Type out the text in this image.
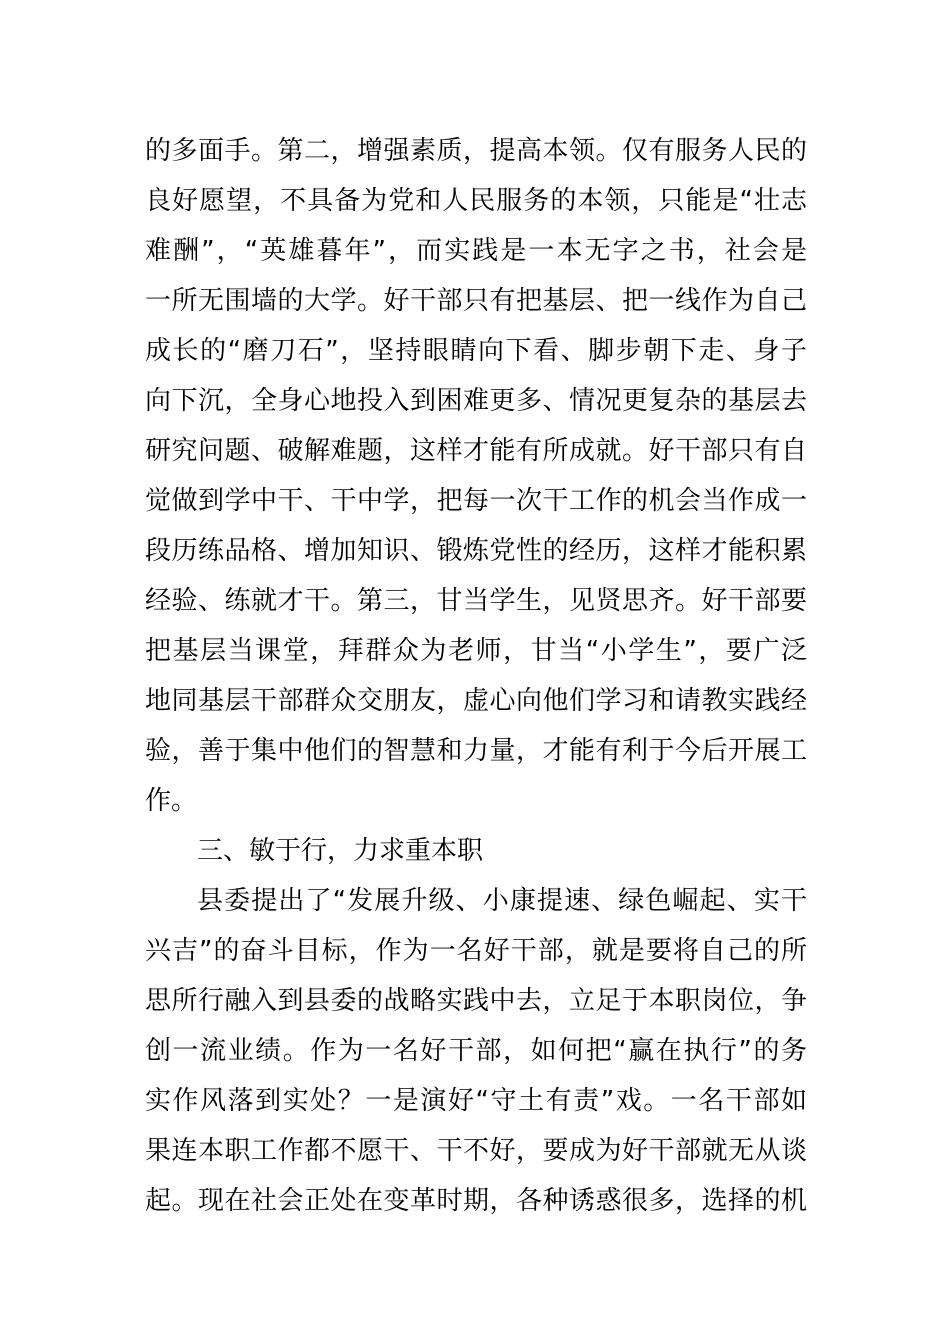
的多面手。第二，增强素质，提高本领。仅有服务人民的
良好愿望，不具备为党和人民服务的本领，只能是“壮志
难酬”，“英雄暮年”，而实践是一本无字之书，社会是
一所无围墙的大学。好干部只有把基层、把一线作为自己
成长的“磨刀石”，坚持眼睛向下看、脚步朝下走、身子
向下沉，全身心地投入到困难更多、情况更复杂的基层去
研究问题、破解难题，这样才能有所成就。好干部只有自
觉做到学中干、干中学，把每一次干工作的机会当作成一
段历练品格、增加知识、锻炼党性的经历，这样才能积累
经验、练就才干。第三，甘当学生，见贤思齐。好干部要
把基层当课堂，拜群众为老师，甘当“小学生”，要广泛
地同基层干部群众交朋友，虚心向他们学习和请教实践经
验，善于集中他们的智慧和力量，才能有利于今后开展工
作。
三、敏于行，力求重本职
县委提出了“发展升级、小康提速、绿色崛起、实干
兴吉”的奋斗目标，作为一名好干部，就是要将自己的所
思所行融入到县委的战略实践中去，立足于本职岗位，争
创一流业绩。作为一名好干部，如何把“赢在执行”的务
实作风落到实处？一是演好“守土有责”戏。一名干部如
果连本职工作都不愿干、干不好，要成为好干部就无从谈
起。现在社会正处在变革时期，各种诱惑很多，选择的机
